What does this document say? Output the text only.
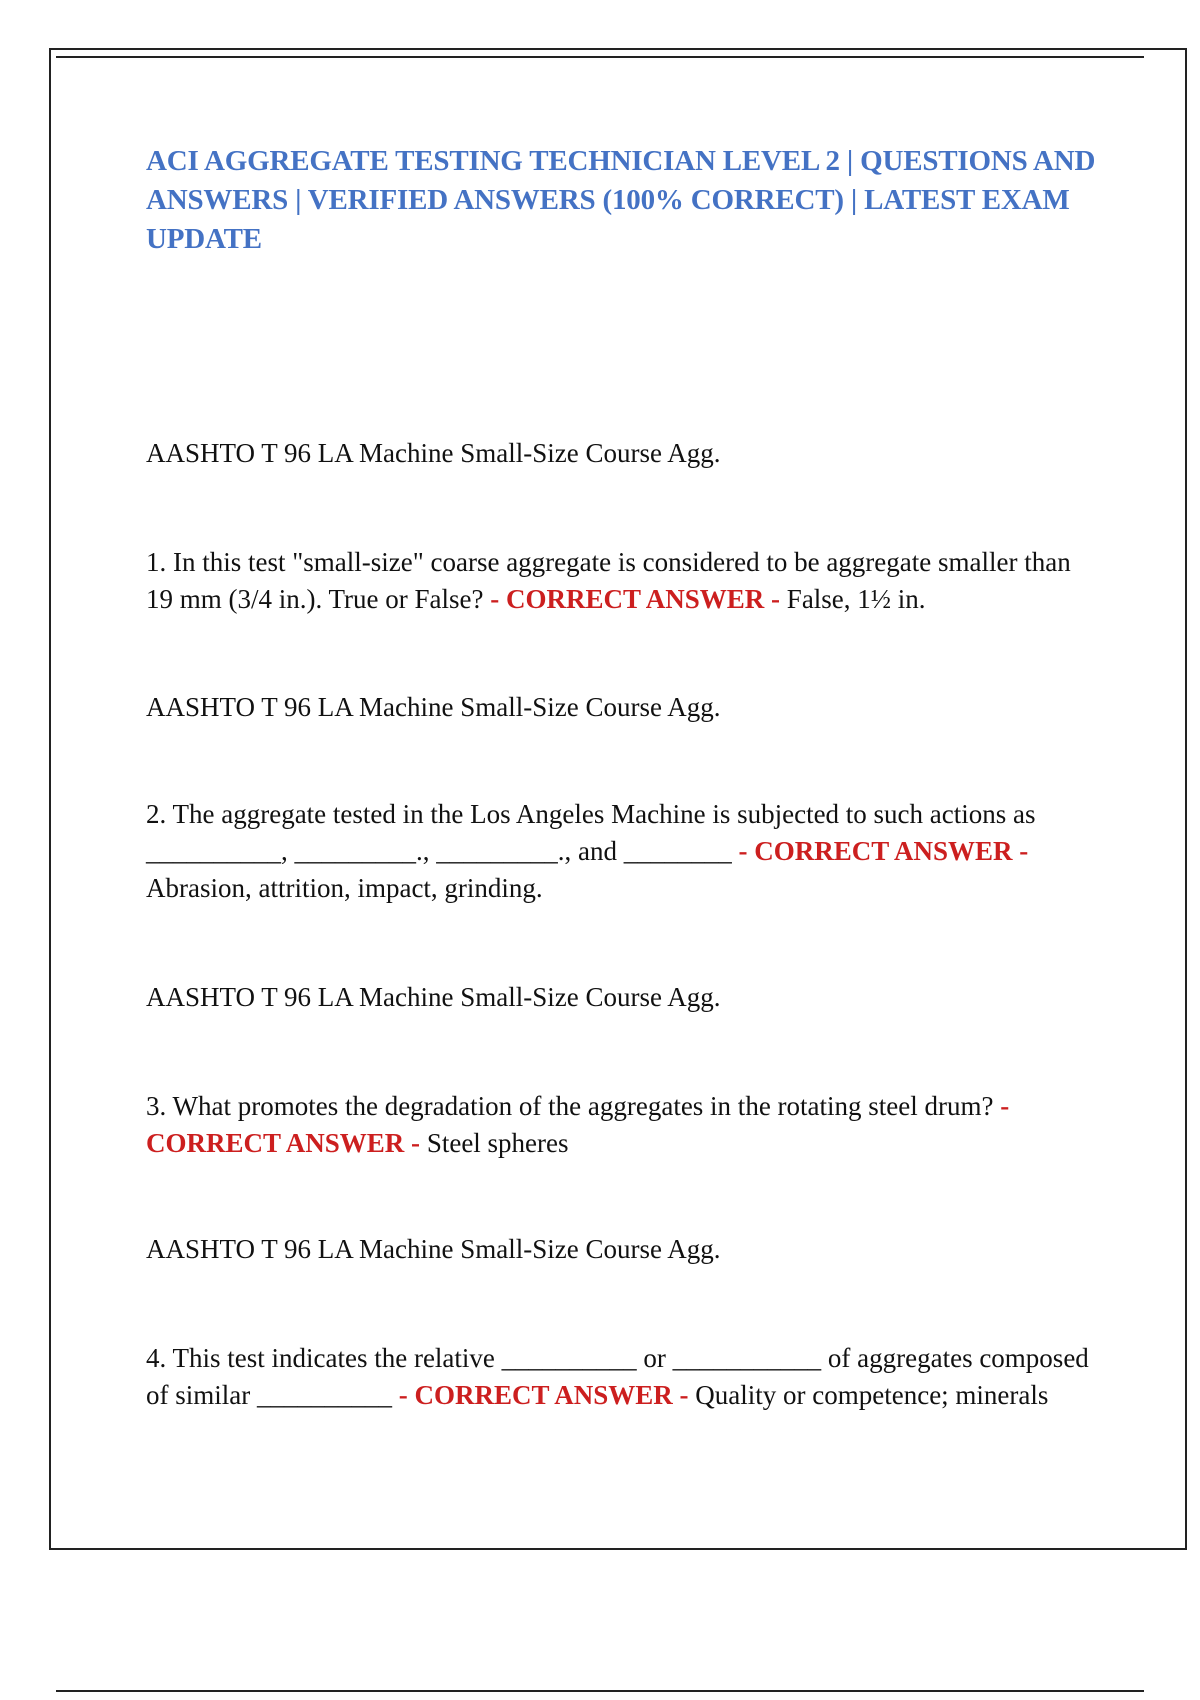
ACI AGGREGATE TESTING TECHNICIAN LEVEL 2 | QUESTIONS AND ANSWERS | VERIFIED ANSWERS (100% CORRECT) | LATEST EXAM UPDATE

AASHTO T 96 LA Machine Small-Size Course Agg.

1. In this test "small-size" coarse aggregate is considered to be aggregate smaller than 19 mm (3/4 in.). True or False? - CORRECT ANSWER - False, 1½ in.

AASHTO T 96 LA Machine Small-Size Course Agg.

2. The aggregate tested in the Los Angeles Machine is subjected to such actions as __________, _________., _________., and ________ - CORRECT ANSWER - Abrasion, attrition, impact, grinding.

AASHTO T 96 LA Machine Small-Size Course Agg.

3. What promotes the degradation of the aggregates in the rotating steel drum? - CORRECT ANSWER - Steel spheres

AASHTO T 96 LA Machine Small-Size Course Agg.

4. This test indicates the relative __________ or ___________ of aggregates composed of similar __________ - CORRECT ANSWER - Quality or competence; minerals
